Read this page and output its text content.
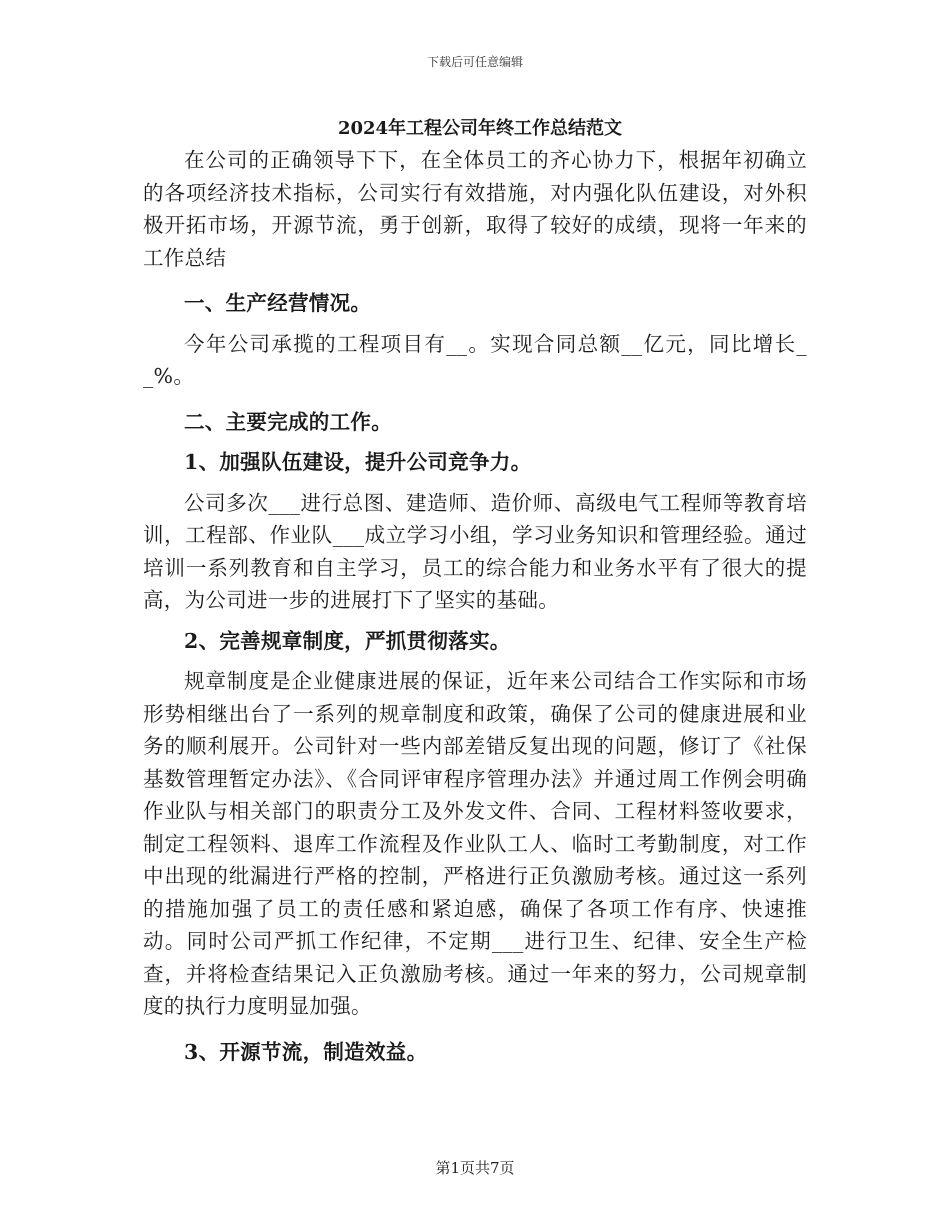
下载后可任意编辑
2024年工程公司年终工作总结范文

在公司的正确领导下下，在全体员工的齐心协力下，根据年初确立的各项经济技术指标，公司实行有效措施，对内强化队伍建设，对外积极开拓市场，开源节流，勇于创新，取得了较好的成绩，现将一年来的工作总结

一、生产经营情况。

今年公司承揽的工程项目有__。实现合同总额__亿元，同比增长__%。

二、主要完成的工作。

1、加强队伍建设，提升公司竞争力。

公司多次___进行总图、建造师、造价师、高级电气工程师等教育培训，工程部、作业队___成立学习小组，学习业务知识和管理经验。通过培训一系列教育和自主学习，员工的综合能力和业务水平有了很大的提高，为公司进一步的进展打下了坚实的基础。

2、完善规章制度，严抓贯彻落实。

规章制度是企业健康进展的保证，近年来公司结合工作实际和市场形势相继出台了一系列的规章制度和政策，确保了公司的健康进展和业务的顺利展开。公司针对一些内部差错反复出现的问题，修订了《社保基数管理暂定办法》、《合同评审程序管理办法》并通过周工作例会明确作业队与相关部门的职责分工及外发文件、合同、工程材料签收要求，制定工程领料、退库工作流程及作业队工人、临时工考勤制度，对工作中出现的纰漏进行严格的控制，严格进行正负激励考核。通过这一系列的措施加强了员工的责任感和紧迫感，确保了各项工作有序、快速推动。同时公司严抓工作纪律，不定期___进行卫生、纪律、安全生产检查，并将检查结果记入正负激励考核。通过一年来的努力，公司规章制度的执行力度明显加强。

3、开源节流，制造效益。

第1页共7页
